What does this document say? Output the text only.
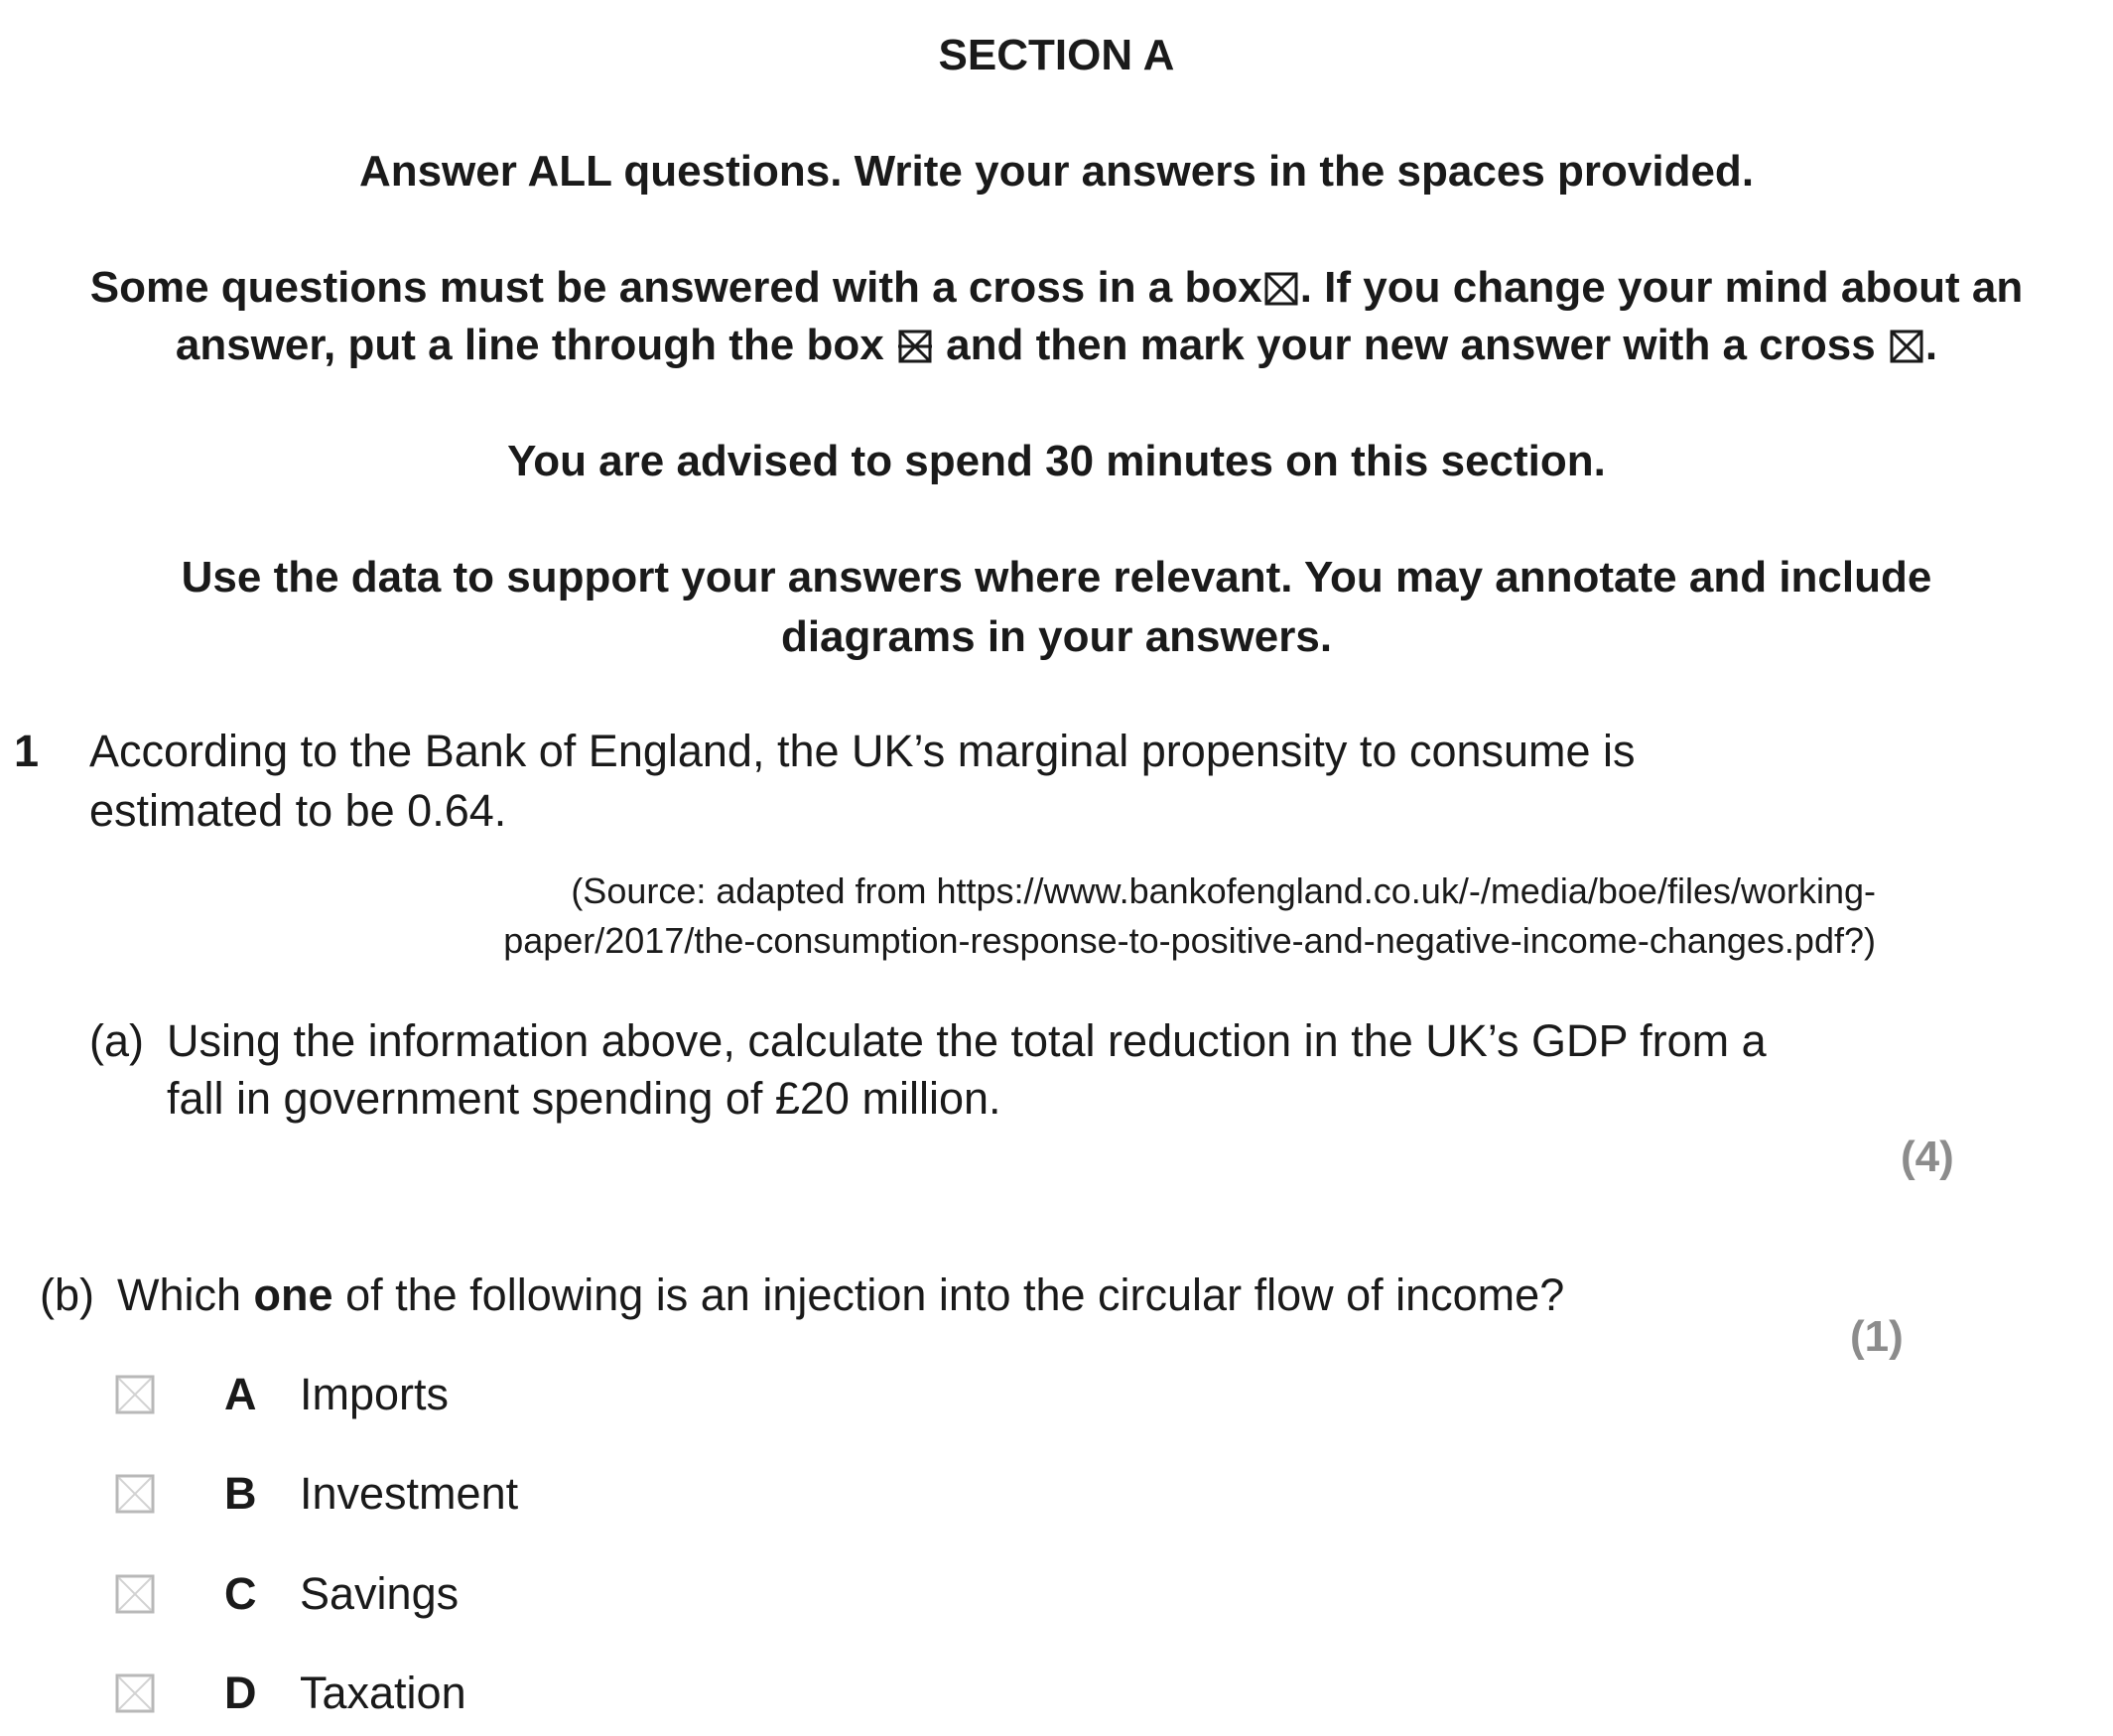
SECTION A
Answer ALL questions. Write your answers in the spaces provided.
Some questions must be answered with a cross in a box ☒ . If you change your mind about an
answer, put a line through the box and then mark your new answer with a cross ☒ .
You are advised to spend 30 minutes on this section.
Use the data to support your answers where relevant. You may annotate and include
diagrams in your answers.
1 According to the Bank of England, the UK’s marginal propensity to consume is
estimated to be 0.64.
(Source: adapted from https://www.bankofengland.co.uk/-/media/boe/files/working-
paper/2017/the-consumption-response-to-positive-and-negative-income-changes.pdf?)
(a) Using the information above, calculate the total reduction in the UK’s GDP from a
fall in government spending of £20 million.
(4)
(b) Which one of the following is an injection into the circular flow of income?
(1)
A Imports
B Investment
C Savings
D Taxation
